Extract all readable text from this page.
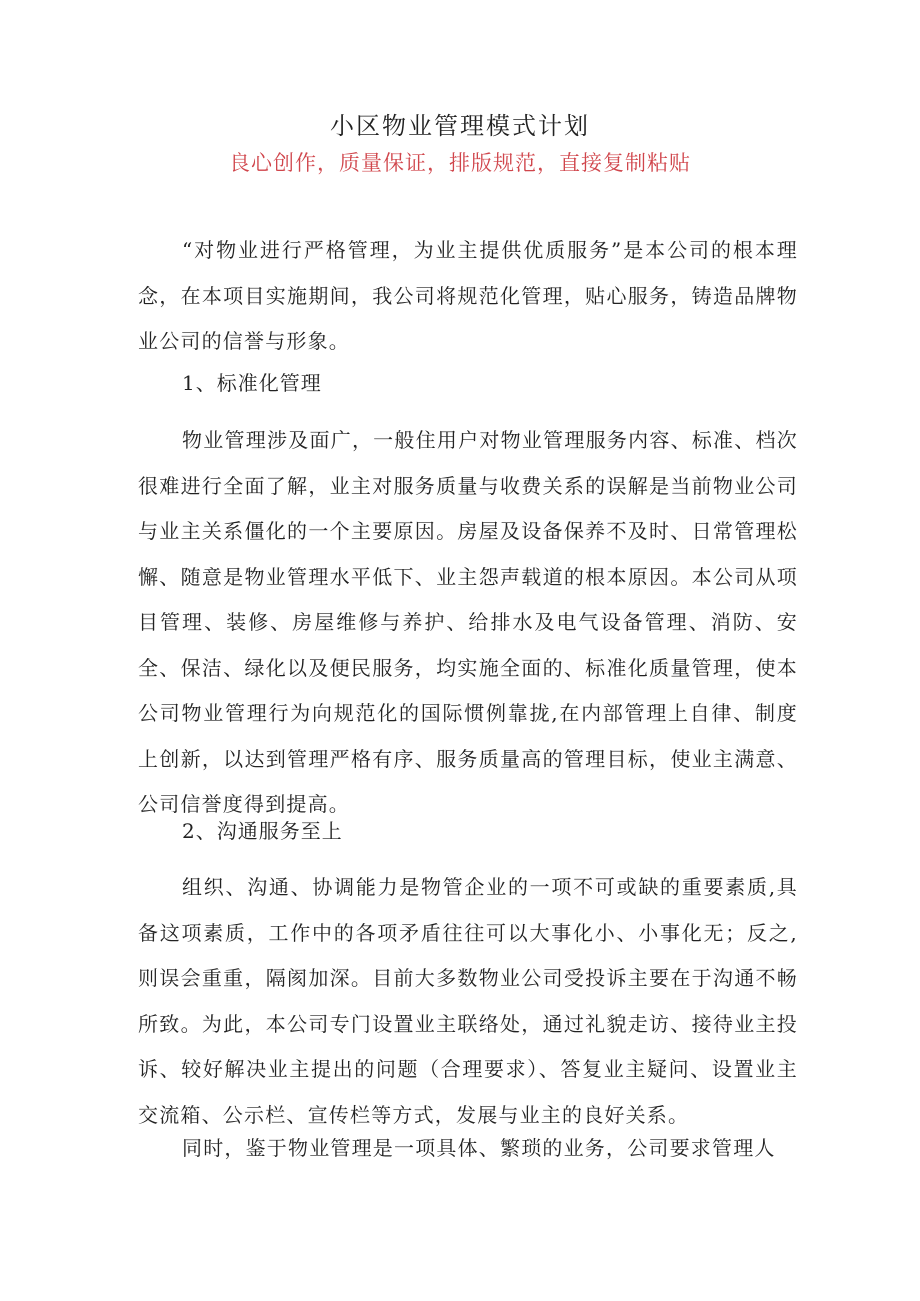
小区物业管理模式计划
良心创作，质量保证，排版规范，直接复制粘贴

“对物业进行严格管理，为业主提供优质服务”是本公司的根本理念，在本项目实施期间，我公司将规范化管理，贴心服务，铸造品牌物业公司的信誉与形象。

1、标准化管理

物业管理涉及面广，一般住用户对物业管理服务内容、标准、档次很难进行全面了解，业主对服务质量与收费关系的误解是当前物业公司与业主关系僵化的一个主要原因。房屋及设备保养不及时、日常管理松懈、随意是物业管理水平低下、业主怨声载道的根本原因。本公司从项目管理、装修、房屋维修与养护、给排水及电气设备管理、消防、安全、保洁、绿化以及便民服务，均实施全面的、标准化质量管理，使本公司物业管理行为向规范化的国际惯例靠拢,在内部管理上自律、制度上创新，以达到管理严格有序、服务质量高的管理目标，使业主满意、公司信誉度得到提高。

2、沟通服务至上

组织、沟通、协调能力是物管企业的一项不可或缺的重要素质,具备这项素质，工作中的各项矛盾往往可以大事化小、小事化无；反之,则误会重重，隔阂加深。目前大多数物业公司受投诉主要在于沟通不畅所致。为此，本公司专门设置业主联络处，通过礼貌走访、接待业主投诉、较好解决业主提出的问题（合理要求）、答复业主疑问、设置业主交流箱、公示栏、宣传栏等方式，发展与业主的良好关系。

同时，鉴于物业管理是一项具体、繁琐的业务，公司要求管理人
